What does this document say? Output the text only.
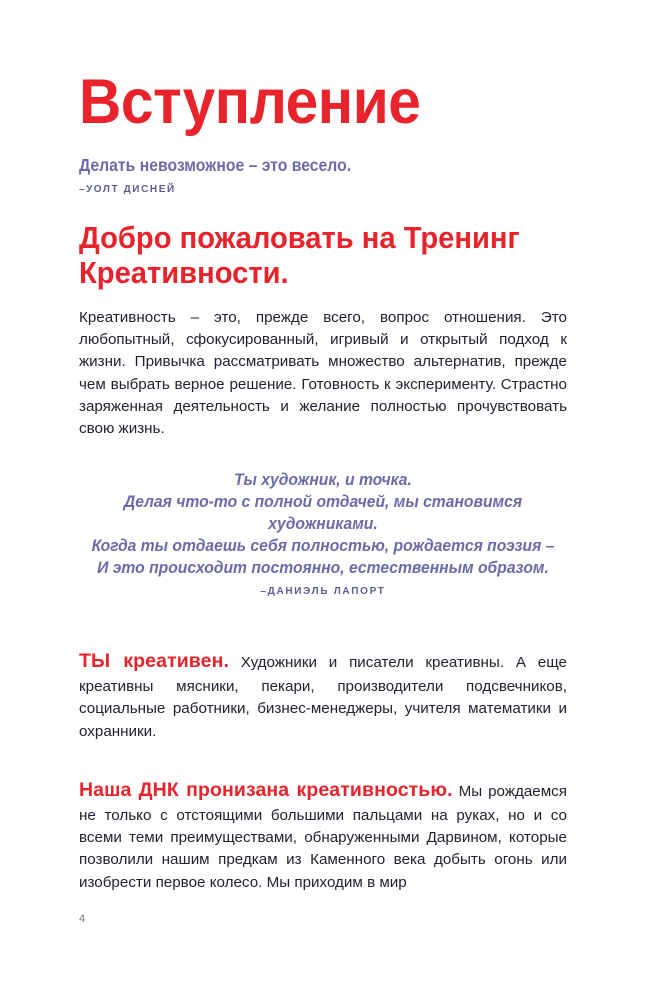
Вступление
Делать невозможное – это весело.
–УОЛТ ДИСНЕЙ
Добро пожаловать на Тренинг
Креативности.

Креативность – это, прежде всего, вопрос отношения. Это любопытный, сфокусированный, игривый и открытый подход к жизни. Привычка рассматривать множество альтернатив, прежде чем выбрать верное решение. Готовность к эксперименту. Страстно заряженная деятельность и желание полностью прочувствовать свою жизнь.

Ты художник, и точка.
Делая что-то с полной отдачей, мы становимся
художниками.
Когда ты отдаешь себя полностью, рождается поэзия –
И это происходит постоянно, естественным образом.
–ДАНИЭЛЬ ЛАПОРТ

ТЫ креативен. Художники и писатели креативны. А еще креативны мясники, пекари, производители подсвечников, социальные работники, бизнес-менеджеры, учителя математики и охранники.

Наша ДНК пронизана креативностью. Мы рождаемся не только с отстоящими большими пальцами на руках, но и со всеми теми преимуществами, обнаруженными Дарвином, которые позволили нашим предкам из Каменного века добыть огонь или изобрести первое колесо. Мы приходим в мир

4
